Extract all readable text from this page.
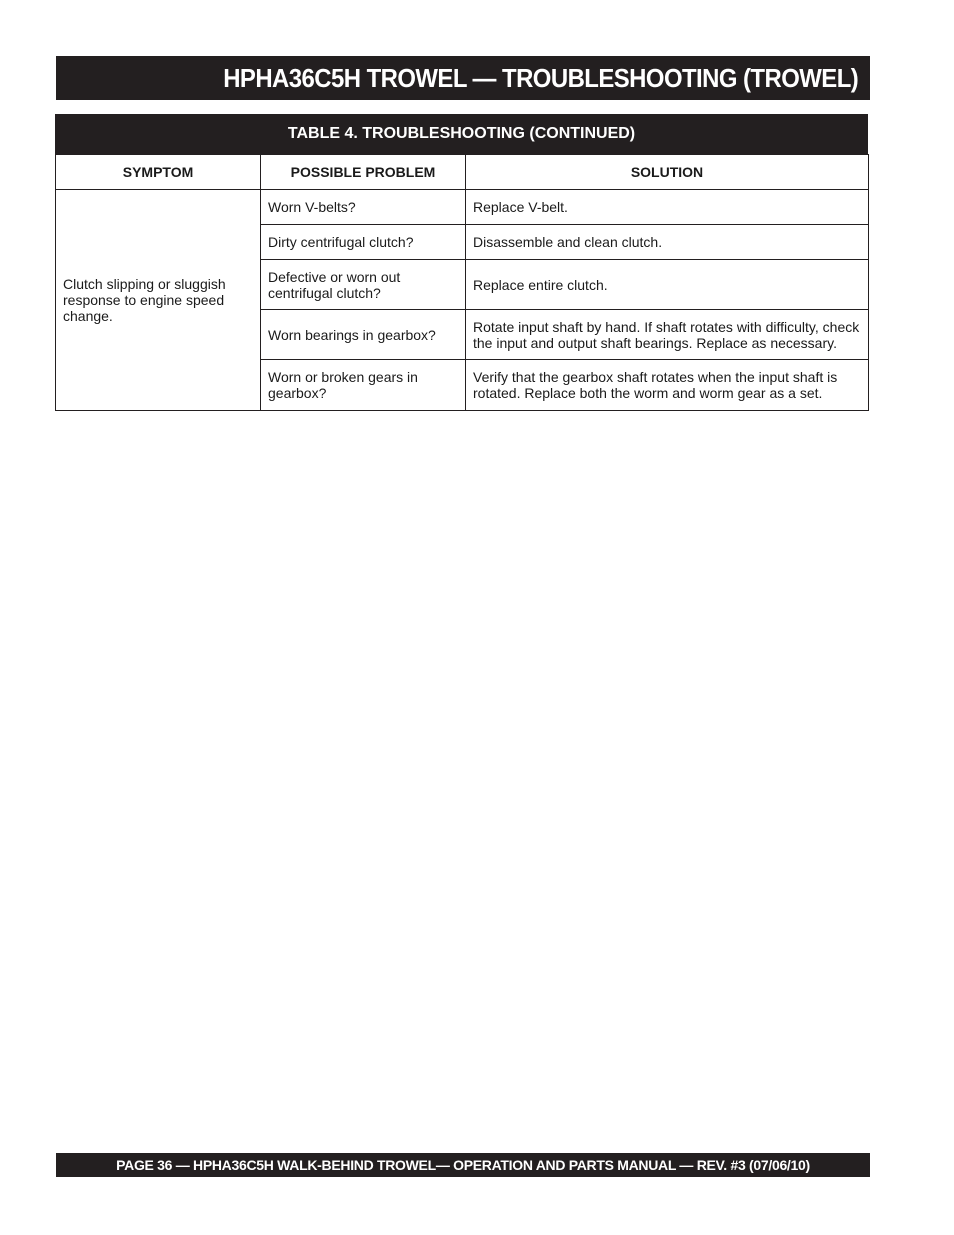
HPHA36C5H TROWEL — TROUBLESHOOTING (TROWEL)
TABLE 4. TROUBLESHOOTING (CONTINUED)
SYMPTOM	POSSIBLE PROBLEM	SOLUTION
Clutch slipping or sluggish response to engine speed change.	Worn V-belts?	Replace V-belt.
	Dirty centrifugal clutch?	Disassemble and clean clutch.
	Defective or worn out centrifugal clutch?	Replace entire clutch.
	Worn bearings in gearbox?	Rotate input shaft by hand. If shaft rotates with difficulty, check the input and output shaft bearings. Replace as necessary.
	Worn or broken gears in gearbox?	Verify that the gearbox shaft rotates when the input shaft is rotated. Replace both the worm and worm gear as a set.
PAGE 36 — HPHA36C5H WALK-BEHIND TROWEL— OPERATION AND PARTS MANUAL — REV. #3 (07/06/10)
